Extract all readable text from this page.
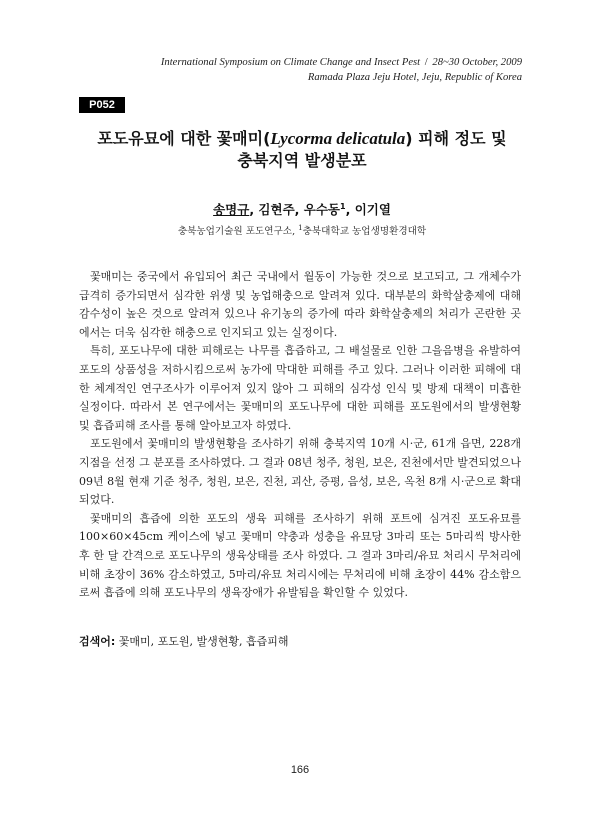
International Symposium on Climate Change and Insect Pest / 28~30 October, 2009
Ramada Plaza Jeju Hotel, Jeju, Republic of Korea
P052
포도유묘에 대한 꽃매미(Lycorma delicatula) 피해 정도 및
충북지역 발생분포
송명규, 김현주, 우수동$^1$, 이기열
충북농업기술원 포도연구소, $^1$충북대학교 농업생명환경대학

꽃매미는 중국에서 유입되어 최근 국내에서 월동이 가능한 것으로 보고되고, 그 개체수가 급격히 증가되면서 심각한 위생 및 농업해충으로 알려져 있다. 대부분의 화학살충제에 대해 감수성이 높은 것으로 알려져 있으나 유기농의 증가에 따라 화학살충제의 처리가 곤란한 곳에서는 더욱 심각한 해충으로 인지되고 있는 실정이다.

특히, 포도나무에 대한 피해로는 나무를 흡즙하고, 그 배설물로 인한 그을음병을 유발하여 포도의 상품성을 저하시킴으로써 농가에 막대한 피해를 주고 있다. 그러나 이러한 피해에 대한 체계적인 연구조사가 이루어져 있지 않아 그 피해의 심각성 인식 및 방제 대책이 미흡한 실정이다. 따라서 본 연구에서는 꽃매미의 포도나무에 대한 피해를 포도원에서의 발생현황 및 흡즙피해 조사를 통해 알아보고자 하였다.

포도원에서 꽃매미의 발생현황을 조사하기 위해 충북지역 10개 시·군, 61개 읍면, 228개 지점을 선정 그 분포를 조사하였다. 그 결과 08년 청주, 청원, 보은, 진천에서만 발견되었으나 09년 8월 현재 기준 청주, 청원, 보은, 진천, 괴산, 증평, 음성, 보은, 옥천 8개 시·군으로 확대되었다.

꽃매미의 흡즙에 의한 포도의 생육 피해를 조사하기 위해 포트에 심겨진 포도유묘를 100×60×45cm 케이스에 넣고 꽃매미 약충과 성충을 유묘당 3마리 또는 5마리씩 방사한 후 한 달 간격으로 포도나무의 생육상태를 조사 하였다. 그 결과 3마리/유묘 처리시 무처리에 비해 초장이 36% 감소하였고, 5마리/유묘 처리시에는 무처리에 비해 초장이 44% 감소함으로써 흡즙에 의해 포도나무의 생육장애가 유발됨을 확인할 수 있었다.

검색어: 꽃매미, 포도원, 발생현황, 흡즙피해
166
